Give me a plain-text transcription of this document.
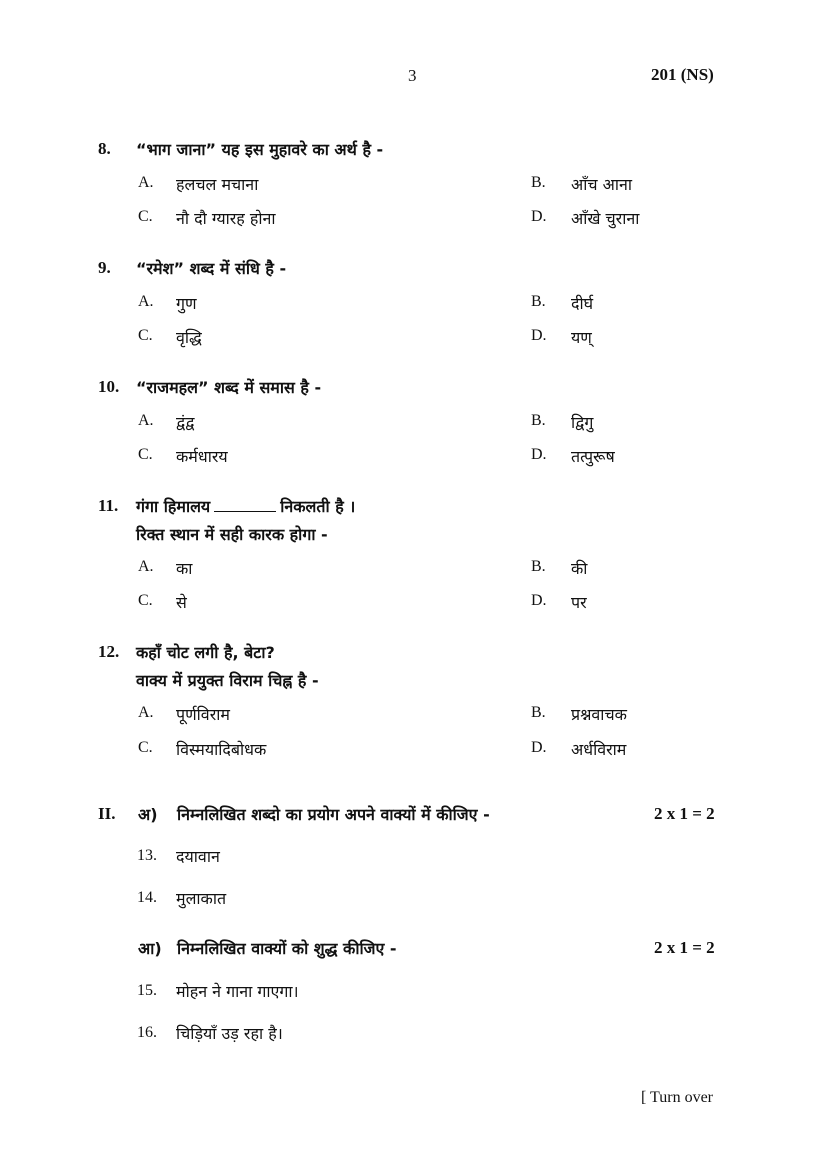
3	201 (NS)
8. “भाग जाना” यह इस मुहावरे का अर्थ है -
A. हलचल मचाना	B. आँच आना
C. नौ दौ ग्यारह होना	D. आँखे चुराना
9. “रमेश” शब्द में संधि है -
A. गुण	B. दीर्घ
C. वृद्धि	D. यण्
10. “राजमहल” शब्द में समास है -
A. द्वंद्व	B. द्विगु
C. कर्मधारय	D. तत्पुरूष
11. गंगा हिमालय	निकलती है ।
रिक्त स्थान में सही कारक होगा -
A. का	B. की
C. से	D. पर
12. कहाँ चोट लगी है, बेटा?
वाक्य में प्रयुक्त विराम चिह्न है -
A. पूर्णविराम	B. प्रश्नवाचक
C. विस्मयादिबोधक	D. अर्धविराम
II. अ) निम्नलिखित शब्दो का प्रयोग अपने वाक्यों में कीजिए -	2 x 1 = 2
13. दयावान
14. मुलाकात
आ) निम्नलिखित वाक्यों को शुद्ध कीजिए -	2 x 1 = 2
15. मोहन ने गाना गाएगा।
16. चिड़ियाँ उड़ रहा है।
[ Turn over
